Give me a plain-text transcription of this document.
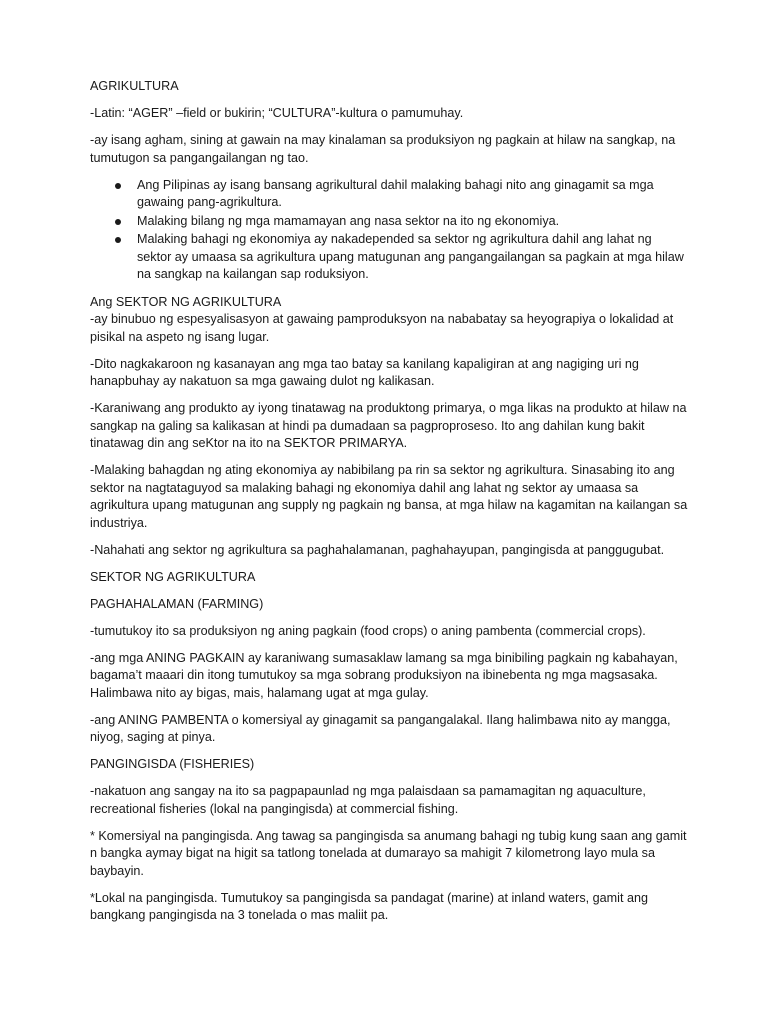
AGRIKULTURA

-Latin: “AGER” –field or bukirin; “CULTURA”-kultura o pamumuhay.

-ay isang agham, sining at gawain na may kinalaman sa produksiyon ng pagkain at hilaw na sangkap, na tumutugon sa pangangailangan ng tao.

Ang Pilipinas ay isang bansang agrikultural dahil malaking bahagi nito ang ginagamit sa mga gawaing pang-agrikultura.
Malaking bilang ng mga mamamayan ang nasa sektor na ito ng ekonomiya.
Malaking bahagi ng ekonomiya ay nakadepended sa sektor ng agrikultura dahil ang lahat ng sektor ay umaasa sa agrikultura upang matugunan ang pangangailangan sa pagkain at mga hilaw na sangkap na kailangan sap roduksiyon.

Ang SEKTOR NG AGRIKULTURA

-ay binubuo ng espesyalisasyon at gawaing pamproduksyon na nababatay sa heyograpiya o lokalidad at pisikal na aspeto ng isang lugar.

-Dito nagkakaroon ng kasanayan ang mga tao batay sa kanilang kapaligiran at ang nagiging uri ng hanapbuhay ay nakatuon sa mga gawaing dulot ng kalikasan.

-Karaniwang ang produkto ay iyong tinatawag na produktong primarya, o mga likas na produkto at hilaw na sangkap na galing sa kalikasan at hindi pa dumadaan sa pagproproseso. Ito ang dahilan kung bakit tinatawag din ang seKtor na ito na SEKTOR PRIMARYA.

-Malaking bahagdan ng ating ekonomiya ay nabibilang pa rin sa sektor ng agrikultura. Sinasabing ito ang sektor na nagtataguyod sa malaking bahagi ng ekonomiya dahil ang lahat ng sektor ay umaasa sa agrikultura upang matugunan ang supply ng pagkain ng bansa, at mga hilaw na kagamitan na kailangan sa industriya.

-Nahahati ang sektor ng agrikultura sa paghahalamanan, paghahayupan, pangingisda at panggugubat.

SEKTOR NG AGRIKULTURA

PAGHAHALAMAN (FARMING)

-tumutukoy ito sa produksiyon ng aning pagkain (food crops) o aning pambenta (commercial crops).

-ang mga ANING PAGKAIN ay karaniwang sumasaklaw lamang sa mga binibiling pagkain ng kabahayan, bagama’t maaari din itong tumutukoy sa mga sobrang produksiyon na ibinebenta ng mga magsasaka. Halimbawa nito ay bigas, mais, halamang ugat at mga gulay.

-ang ANING PAMBENTA o komersiyal ay ginagamit sa pangangalakal. Ilang halimbawa nito ay mangga, niyog, saging at pinya.

PANGINGISDA (FISHERIES)

-nakatuon ang sangay na ito sa pagpapaunlad ng mga palaisdaan sa pamamagitan ng aquaculture, recreational fisheries (lokal na pangingisda) at commercial fishing.

* Komersiyal na pangingisda. Ang tawag sa pangingisda sa anumang bahagi ng tubig kung saan ang gamit n bangka aymay bigat na higit sa tatlong tonelada at dumarayo sa mahigit 7 kilometrong layo mula sa baybayin.

*Lokal na pangingisda. Tumutukoy sa pangingisda sa pandagat (marine) at inland waters, gamit ang bangkang pangingisda na 3 tonelada o mas maliit pa.
